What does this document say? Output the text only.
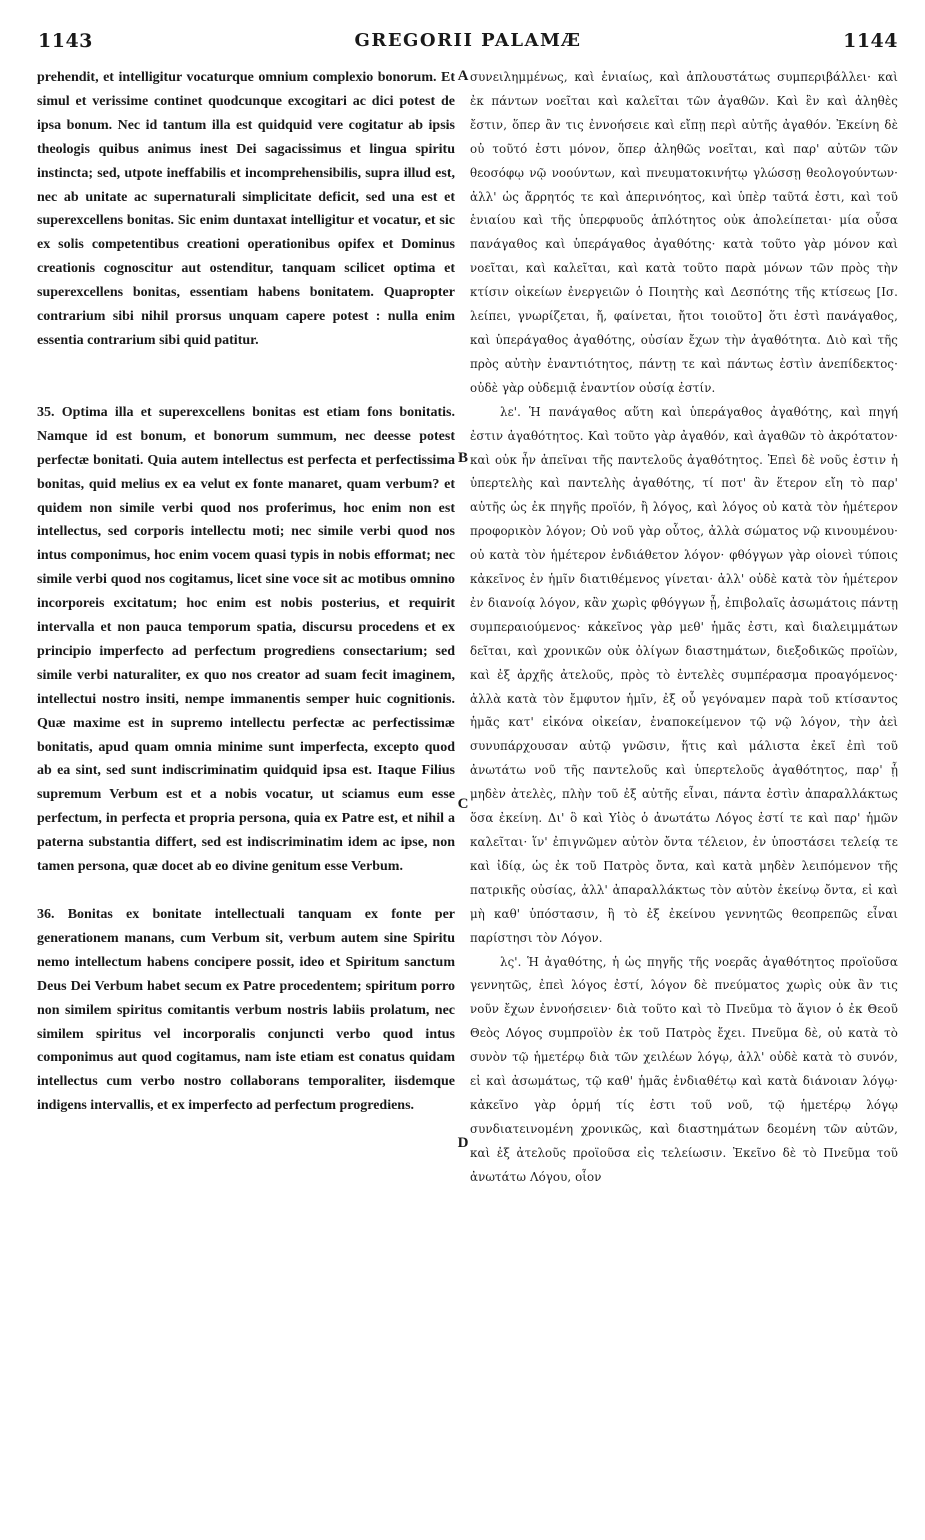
1143	GREGORII PALAMÆ	1144

prehendit, et intelligitur vocaturque omnium complexio bonorum. Et simul et verissime continet quodcunque excogitari ac dici potest de ipsa bonum. Nec id tantum illa est quidquid vere cogitatur ab ipsis theologis quibus animus inest Dei sagacissimus et lingua spiritu instincta; sed, utpote ineffabilis et incomprehensibilis, supra illud est, nec ab unitate ac supernaturali simplicitate deficit, sed una est et superexcellens bonitas. Sic enim duntaxat intelligitur et vocatur, et sic ex solis competentibus creationi operationibus opifex et Dominus creationis cognoscitur aut ostenditur, tanquam scilicet optima et superexcellens bonitas, essentiam habens bonitatem. Quapropter contrarium sibi nihil prorsus unquam capere potest : nulla enim essentia contrarium sibi quid patitur.

35. Optima illa et superexcellens bonitas est etiam fons bonitatis. Namque id est bonum, et bonorum summum, nec deesse potest perfectæ bonitati. Quia autem intellectus est perfecta et perfectissima bonitas, quid melius ex ea velut ex fonte manaret, quam verbum? et quidem non simile verbi quod nos proferimus, hoc enim non est intellectus, sed corporis intellectu moti; nec simile verbi quod nos intus componimus, hoc enim vocem quasi typis in nobis efformat; nec simile verbi quod nos cogitamus, licet sine voce sit ac motibus omnino incorporeis excitatum; hoc enim est nobis posterius, et requirit intervalla et non pauca temporum spatia, discursu procedens et ex principio imperfecto ad perfectum progrediens consectarium; sed simile verbi naturaliter, ex quo nos creator ad suam fecit imaginem, intellectui nostro insiti, nempe immanentis semper huic cognitionis. Quæ maxime est in supremo intellectu perfectæ ac perfectissimæ bonitatis, apud quam omnia minime sunt imperfecta, excepto quod ab ea sint, sed sunt indiscriminatim quidquid ipsa est. Itaque Filius supremum Verbum est et a nobis vocatur, ut sciamus eum esse perfectum, in perfecta et propria persona, quia ex Patre est, et nihil a paterna substantia differt, sed est indiscriminatim idem ac ipse, non tamen persona, quæ docet ab eo divine genitum esse Verbum.

36. Bonitas ex bonitate intellectuali tanquam ex fonte per generationem manans, cum Verbum sit, verbum autem sine Spiritu nemo intellectum habens concipere possit, ideo et Spiritum sanctum Deus Dei Verbum habet secum ex Patre procedentem; spiritum porro non similem spiritus comitantis verbum nostris labiis prolatum, nec similem spiritus vel incorporalis conjuncti verbo quod intus componimus aut quod cogitamus, nam iste etiam est conatus quidam intellectus cum verbo nostro collaborans temporaliter, iisdemque indigens intervallis, et ex imperfecto ad perfectum progrediens.

A
B
C
D

συνειλημμένως, καὶ ἑνιαίως, καὶ ἁπλουστάτως συμπεριβάλλει· καὶ ἐκ πάντων νοεῖται καὶ καλεῖται τῶν ἀγαθῶν. Καὶ ἓν καὶ ἀληθὲς ἔστιν, ὅπερ ἂν τις ἐννοήσειε καὶ εἴπῃ περὶ αὐτῆς ἀγαθόν. Ἐκείνη δὲ οὐ τοῦτό ἐστι μόνον, ὅπερ ἀληθῶς νοεῖται, καὶ παρ' αὐτῶν τῶν θεοσόφῳ νῷ νοούντων, καὶ πνευματοκινήτῳ γλώσσῃ θεολογούντων· ἀλλ' ὡς ἄρρητός τε καὶ ἀπερινόητος, καὶ ὑπὲρ ταῦτά ἐστι, καὶ τοῦ ἑνιαίου καὶ τῆς ὑπερφυοῦς ἁπλότητος οὐκ ἀπολείπεται· μία οὖσα πανάγαθος καὶ ὑπεράγαθος ἀγαθότης· κατὰ τοῦτο γὰρ μόνον καὶ νοεῖται, καὶ καλεῖται, καὶ κατὰ τοῦτο παρὰ μόνων τῶν πρὸς τὴν κτίσιν οἰκείων ἐνεργειῶν ὁ Ποιητὴς καὶ Δεσπότης τῆς κτίσεως [Ισ. λείπει, γνωρίζεται, ἤ, φαίνεται, ἤτοι τοιοῦτο] ὅτι ἐστὶ πανάγαθος, καὶ ὑπεράγαθος ἀγαθότης, οὐσίαν ἔχων τὴν ἀγαθότητα. Διὸ καὶ τῆς πρὸς αὐτὴν ἐναντιότητος, πάντῃ τε καὶ πάντως ἐστὶν ἀνεπίδεκτος· οὐδὲ γὰρ οὐδεμιᾷ ἐναντίον οὐσίᾳ ἐστίν.

λε'. Ἡ πανάγαθος αὕτη καὶ ὑπεράγαθος ἀγαθότης, καὶ πηγή ἐστιν ἀγαθότητος. Καὶ τοῦτο γὰρ ἀγαθόν, καὶ ἀγαθῶν τὸ ἀκρότατον· καὶ οὐκ ἦν ἀπεῖναι τῆς παντελοῦς ἀγαθότητος. Ἐπεὶ δὲ νοῦς ἐστιν ἡ ὑπερτελὴς καὶ παντελὴς ἀγαθότης, τί ποτ' ἂν ἕτερον εἴη τὸ παρ' αὐτῆς ὡς ἐκ πηγῆς προϊόν, ἢ λόγος, καὶ λόγος οὐ κατὰ τὸν ἡμέτερον προφορικὸν λόγον; Οὐ νοῦ γὰρ οὗτος, ἀλλὰ σώματος νῷ κινουμένου· οὐ κατὰ τὸν ἡμέτερον ἐνδιάθετον λόγον· φθόγγων γὰρ οἱονεὶ τύποις κἀκεῖνος ἐν ἡμῖν διατιθέμενος γίνεται· ἀλλ' οὐδὲ κατὰ τὸν ἡμέτερον ἐν διανοίᾳ λόγον, κἂν χωρὶς φθόγγων ᾖ, ἐπιβολαῖς ἀσωμάτοις πάντῃ συμπεραιούμενος· κἀκεῖνος γὰρ μεθ' ἡμᾶς ἐστι, καὶ διαλειμμάτων δεῖται, καὶ χρονικῶν οὐκ ὀλίγων διαστημάτων, διεξοδικῶς προϊὼν, καὶ ἐξ ἀρχῆς ἀτελοῦς, πρὸς τὸ ἐντελὲς συμπέρασμα προαγόμενος· ἀλλὰ κατὰ τὸν ἔμφυτον ἡμῖν, ἐξ οὗ γεγόναμεν παρὰ τοῦ κτίσαντος ἡμᾶς κατ' εἰκόνα οἰκείαν, ἐναποκείμενον τῷ νῷ λόγον, τὴν ἀεὶ συνυπάρχουσαν αὐτῷ γνῶσιν, ἥτις καὶ μάλιστα ἐκεῖ ἐπὶ τοῦ ἀνωτάτω νοῦ τῆς παντελοῦς καὶ ὑπερτελοῦς ἀγαθότητος, παρ' ᾗ μηδὲν ἀτελὲς, πλὴν τοῦ ἐξ αὐτῆς εἶναι, πάντα ἐστὶν ἀπαραλλάκτως ὅσα ἐκείνη. Δι' ὃ καὶ Υἱὸς ὁ ἀνωτάτω Λόγος ἐστί τε καὶ παρ' ἡμῶν καλεῖται· ἵν' ἐπιγνῶμεν αὐτὸν ὄντα τέλειον, ἐν ὑποστάσει τελείᾳ τε καὶ ἰδίᾳ, ὡς ἐκ τοῦ Πατρὸς ὄντα, καὶ κατὰ μηδὲν λειπόμενον τῆς πατρικῆς οὐσίας, ἀλλ' ἀπαραλλάκτως τὸν αὐτὸν ἐκείνῳ ὄντα, εἰ καὶ μὴ καθ' ὑπόστασιν, ἣ τὸ ἐξ ἐκείνου γεννητῶς θεοπρεπῶς εἶναι παρίστησι τὸν Λόγον.

λς'. Ἡ ἀγαθότης, ἡ ὡς πηγῆς τῆς νοερᾶς ἀγαθότητος προϊοῦσα γεννητῶς, ἐπεὶ λόγος ἐστί, λόγον δὲ πνεύματος χωρὶς οὐκ ἂν τις νοῦν ἔχων ἐννοήσειεν· διὰ τοῦτο καὶ τὸ Πνεῦμα τὸ ἅγιον ὁ ἐκ Θεοῦ Θεὸς Λόγος συμπροϊὸν ἐκ τοῦ Πατρὸς ἔχει. Πνεῦμα δὲ, οὐ κατὰ τὸ συνὸν τῷ ἡμετέρῳ διὰ τῶν χειλέων λόγῳ, ἀλλ' οὐδὲ κατὰ τὸ συνόν, εἰ καὶ ἀσωμάτως, τῷ καθ' ἡμᾶς ἐνδιαθέτῳ καὶ κατὰ διάνοιαν λόγῳ· κἀκεῖνο γὰρ ὁρμή τίς ἐστι τοῦ νοῦ, τῷ ἡμετέρῳ λόγῳ συνδιατεινομένη χρονικῶς, καὶ διαστημάτων δεομένη τῶν αὐτῶν, καὶ ἐξ ἀτελοῦς προϊοῦσα εἰς τελείωσιν. Ἐκεῖνο δὲ τὸ Πνεῦμα τοῦ ἀνωτάτω Λόγου, οἷον
